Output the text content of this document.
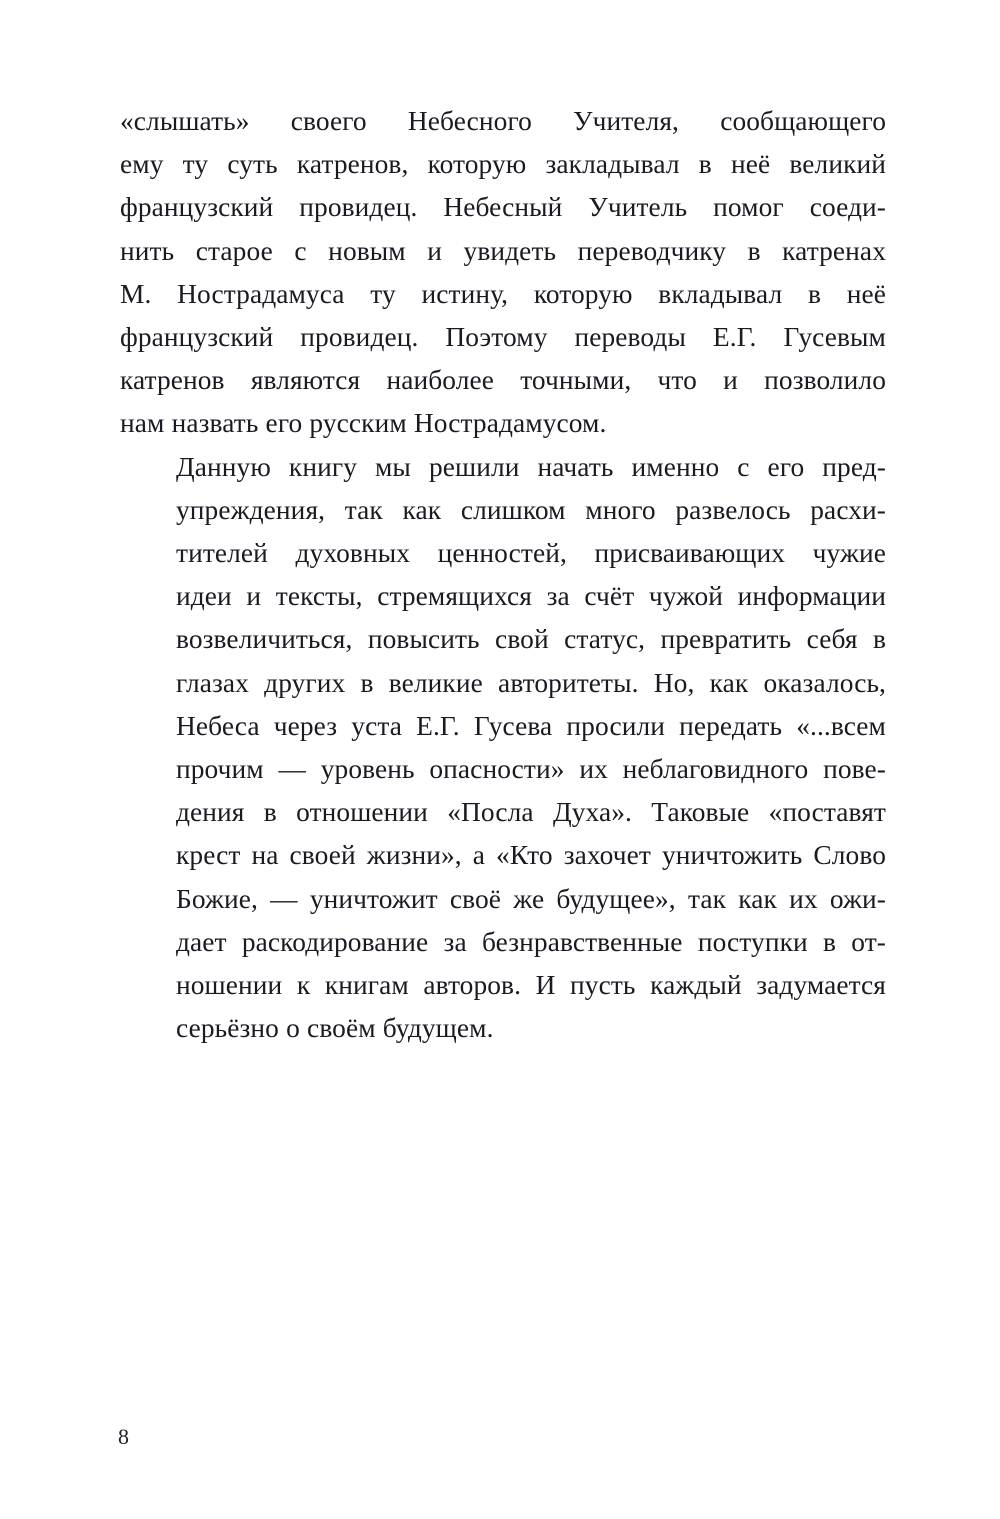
«слышать» своего Небесного Учителя, сообщающего
ему ту суть катренов, которую закладывал в неё великий
французский провидец. Небесный Учитель помог соеди-
нить старое с новым и увидеть переводчику в катренах
М. Нострадамуса ту истину, которую вкладывал в неё
французский провидец. Поэтому переводы Е.Г. Гусевым
катренов являются наиболее точными, что и позволило
нам назвать его русским Нострадамусом.

Данную книгу мы решили начать именно с его пред-
упреждения, так как слишком много развелось расхи-
тителей духовных ценностей, присваивающих чужие
идеи и тексты, стремящихся за счёт чужой информации
возвеличиться, повысить свой статус, превратить себя в
глазах других в великие авторитеты. Но, как оказалось,
Небеса через уста Е.Г. Гусева просили передать «...всем
прочим — уровень опасности» их неблаговидного пове-
дения в отношении «Посла Духа». Таковые «поставят
крест на своей жизни», а «Кто захочет уничтожить Слово
Божие, — уничтожит своё же будущее», так как их ожи-
дает раскодирование за безнравственные поступки в от-
ношении к книгам авторов. И пусть каждый задумается
серьёзно о своём будущем.

8
